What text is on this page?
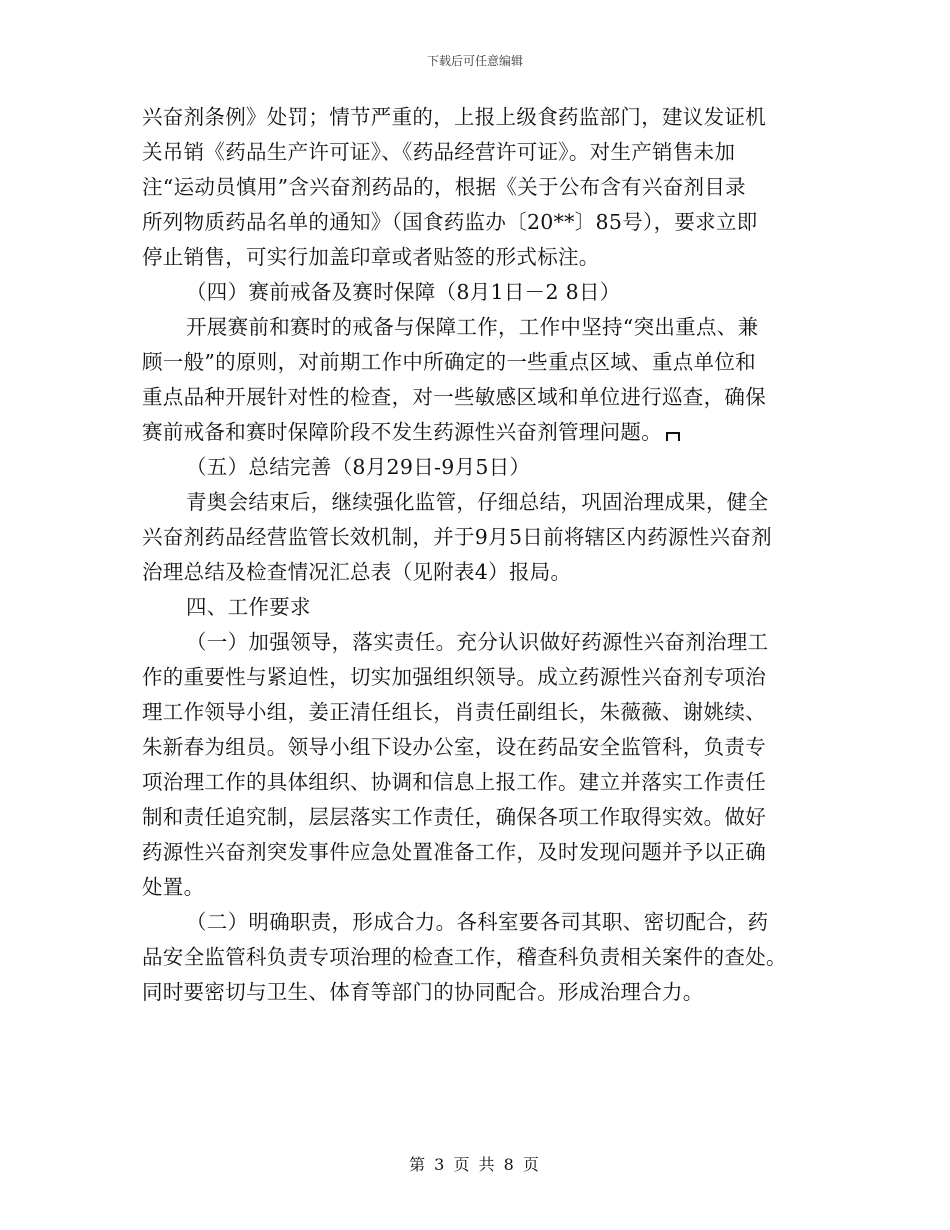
下载后可任意编辑
兴奋剂条例》处罚；情节严重的，上报上级食药监部门，建议发证机
关吊销《药品生产许可证》、《药品经营许可证》。对生产销售未加
注“运动员慎用”含兴奋剂药品的，根据《关于公布含有兴奋剂目录
所列物质药品名单的通知》（国食药监办〔20**〕85号），要求立即
停止销售，可实行加盖印章或者贴签的形式标注。
（四）赛前戒备及赛时保障（8月1日－2 8日）
开展赛前和赛时的戒备与保障工作，工作中坚持“突出重点、兼
顾一般”的原则，对前期工作中所确定的一些重点区域、重点单位和
重点品种开展针对性的检查，对一些敏感区域和单位进行巡查，确保
赛前戒备和赛时保障阶段不发生药源性兴奋剂管理问题。
（五）总结完善（8月29日-9月5日）
青奥会结束后，继续强化监管，仔细总结，巩固治理成果，健全
兴奋剂药品经营监管长效机制，并于9月5日前将辖区内药源性兴奋剂
治理总结及检查情况汇总表（见附表4）报局。
四、工作要求
（一）加强领导，落实责任。充分认识做好药源性兴奋剂治理工
作的重要性与紧迫性，切实加强组织领导。成立药源性兴奋剂专项治
理工作领导小组，姜正清任组长，肖责任副组长，朱薇薇、谢姚续、
朱新春为组员。领导小组下设办公室，设在药品安全监管科，负责专
项治理工作的具体组织、协调和信息上报工作。建立并落实工作责任
制和责任追究制，层层落实工作责任，确保各项工作取得实效。做好
药源性兴奋剂突发事件应急处置准备工作，及时发现问题并予以正确
处置。
（二）明确职责，形成合力。各科室要各司其职、密切配合，药
品安全监管科负责专项治理的检查工作，稽查科负责相关案件的查处。
同时要密切与卫生、体育等部门的协同配合。形成治理合力。
第 3 页 共 8 页
